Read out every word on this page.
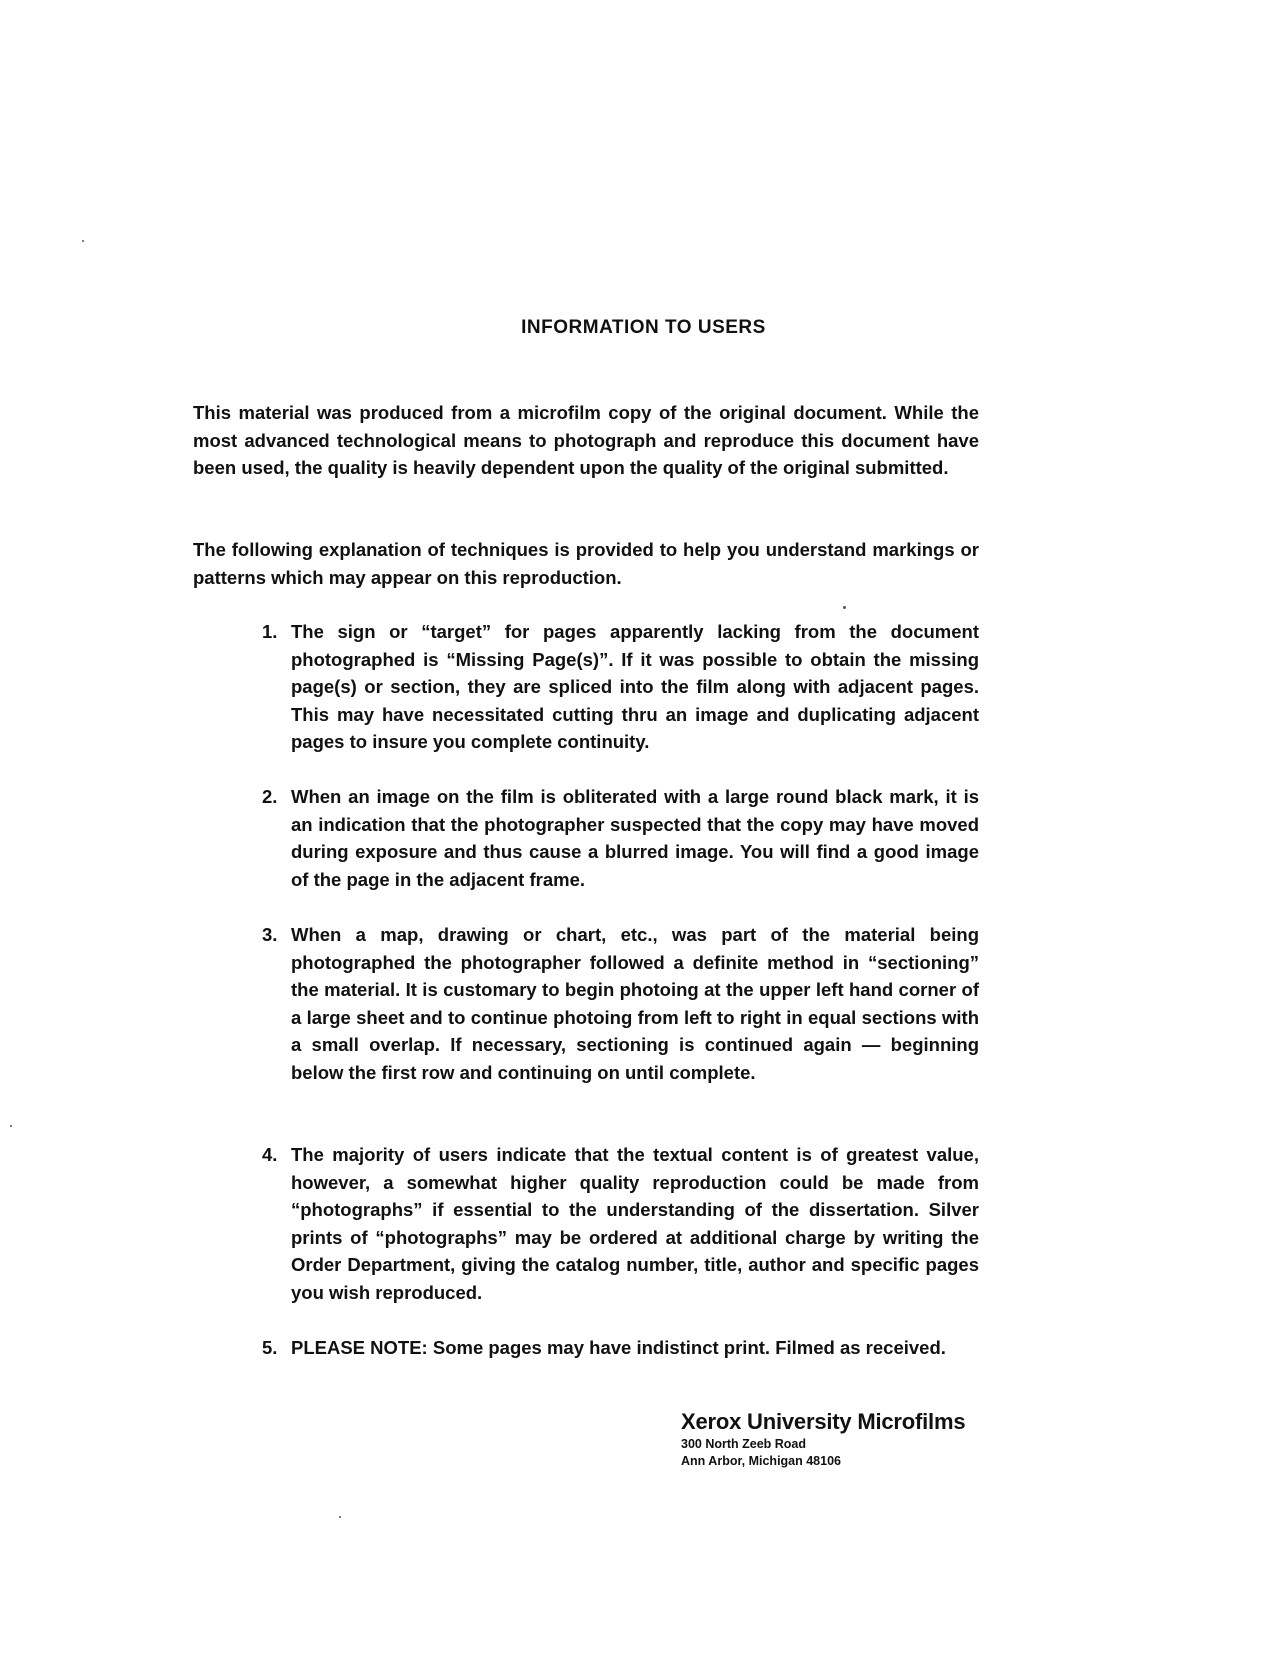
INFORMATION TO USERS

This material was produced from a microfilm copy of the original document. While the most advanced technological means to photograph and reproduce this document have been used, the quality is heavily dependent upon the quality of the original submitted.

The following explanation of techniques is provided to help you understand markings or patterns which may appear on this reproduction.

1. The sign or “target” for pages apparently lacking from the document photographed is “Missing Page(s)”. If it was possible to obtain the missing page(s) or section, they are spliced into the film along with adjacent pages. This may have necessitated cutting thru an image and duplicating adjacent pages to insure you complete continuity.
2. When an image on the film is obliterated with a large round black mark, it is an indication that the photographer suspected that the copy may have moved during exposure and thus cause a blurred image. You will find a good image of the page in the adjacent frame.
3. When a map, drawing or chart, etc., was part of the material being photographed the photographer followed a definite method in “sectioning” the material. It is customary to begin photoing at the upper left hand corner of a large sheet and to continue photoing from left to right in equal sections with a small overlap. If necessary, sectioning is continued again — beginning below the first row and continuing on until complete.
4. The majority of users indicate that the textual content is of greatest value, however, a somewhat higher quality reproduction could be made from “photographs” if essential to the understanding of the dissertation. Silver prints of “photographs” may be ordered at additional charge by writing the Order Department, giving the catalog number, title, author and specific pages you wish reproduced.
5. PLEASE NOTE: Some pages may have indistinct print. Filmed as received.
Xerox University Microfilms
300 North Zeeb Road
Ann Arbor, Michigan 48106
